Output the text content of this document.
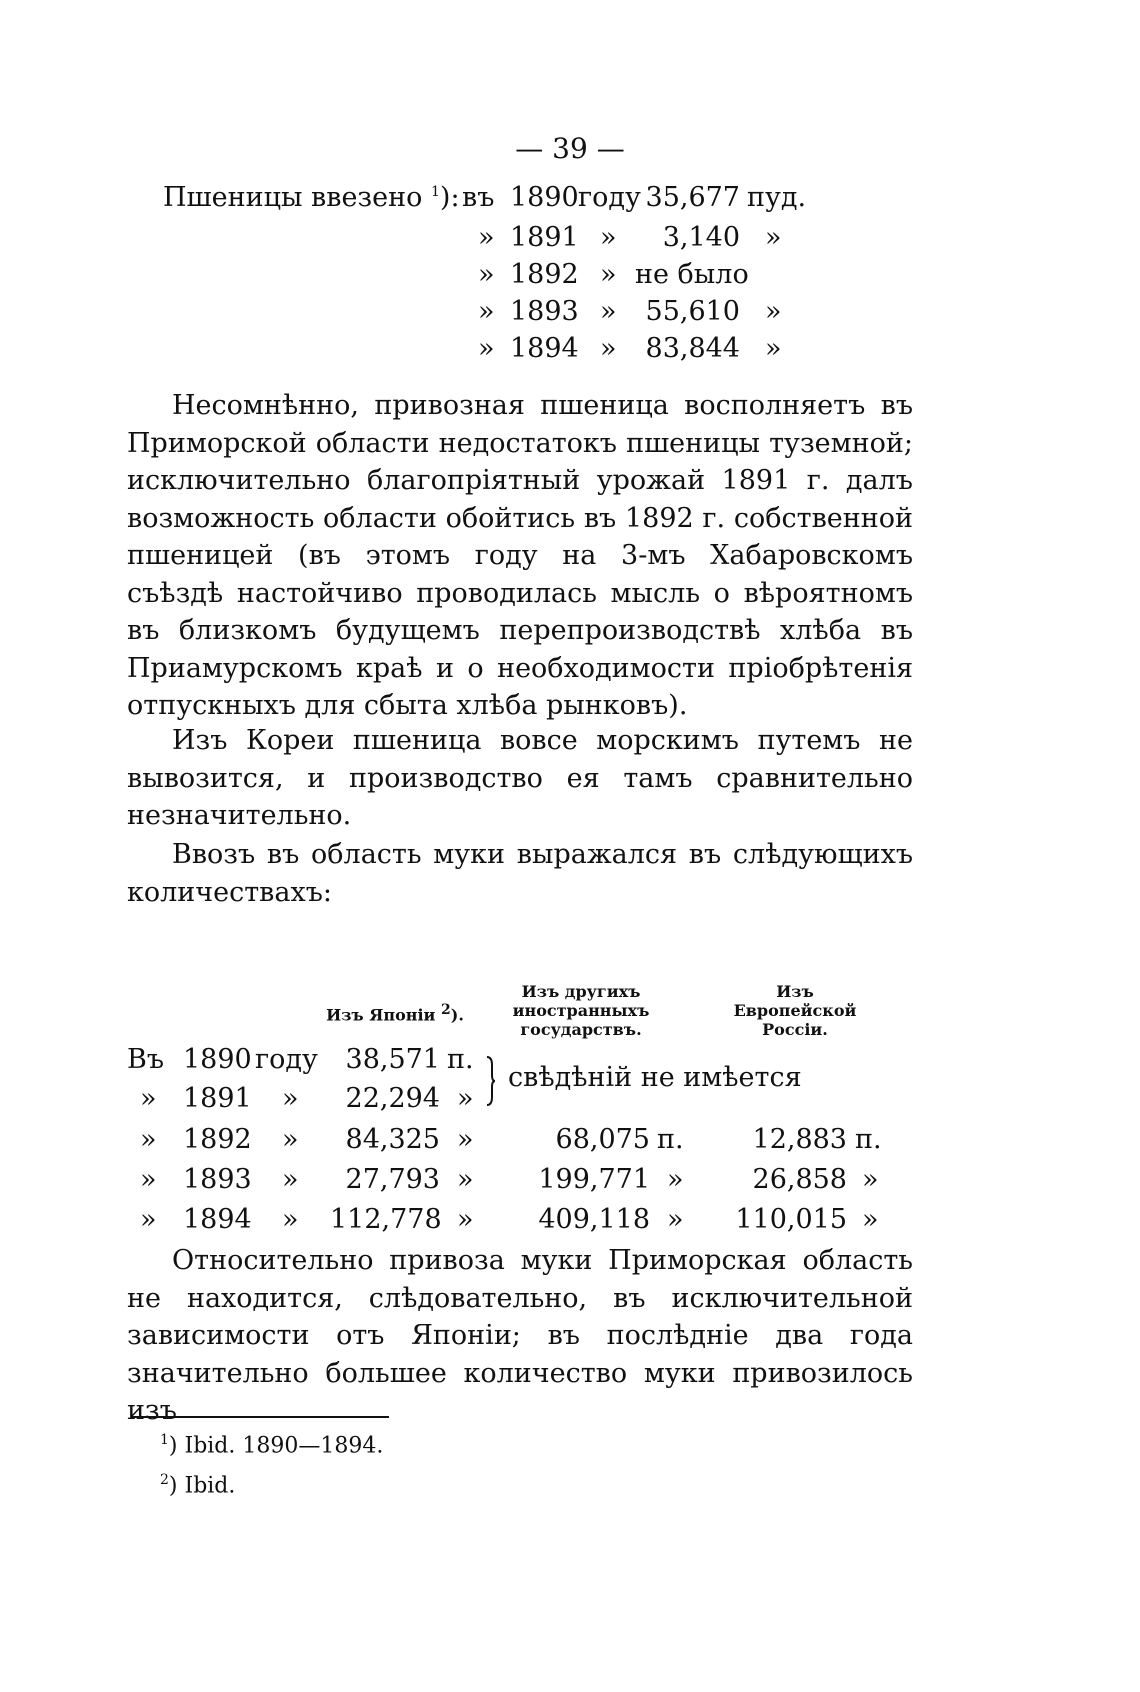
— 39 —
Пшеницы ввезено $^1$): въ 1890 году 35,677 пуд.
» 1891 »	3,140 »
» 1892 » не было
» 1893 » 55,610 »
» 1894 » 83,844 »

Несомнѣнно, привозная пшеница восполняетъ въ Приморской области недостатокъ пшеницы туземной; исключительно благопріятный урожай 1891 г. далъ возможность области обойтись въ 1892 г. собственной пшеницей (въ этомъ году на 3-мъ Хабаровскомъ съѣздѣ настойчиво проводилась мысль о вѣроятномъ въ близкомъ будущемъ перепроизводствѣ хлѣба въ Приамурскомъ краѣ и о необходимости пріобрѣтенія отпускныхъ для сбыта хлѣба рынковъ).

Изъ Кореи пшеница вовсе морскимъ путемъ не вывозится, и производство ея тамъ сравнительно незначительно.

Ввозъ въ область муки выражался въ слѣдующихъ количествахъ:

Изъ Японіи $^2$).
Изъ другихъ
иностранныхъ
государствъ.
Изъ
Европейской
Россіи.
Въ 1890 году	38,571 п.
» 1891 »	22,294 »
свѣдѣній не имѣется
» 1892 »	84,325 »	68,075 п.	12,883 п.
» 1893 »	27,793 »	199,771 »	26,858 »
» 1894 » 112,778 »	409,118 »	110,015 »

Относительно привоза муки Приморская область не находится, слѣдовательно, въ исключительной зависимости отъ Японіи; въ послѣдніе два года значительно большее количество муки привозилось изъ

$^1$) Ibid. 1890—1894.
$^2$) Ibid.
